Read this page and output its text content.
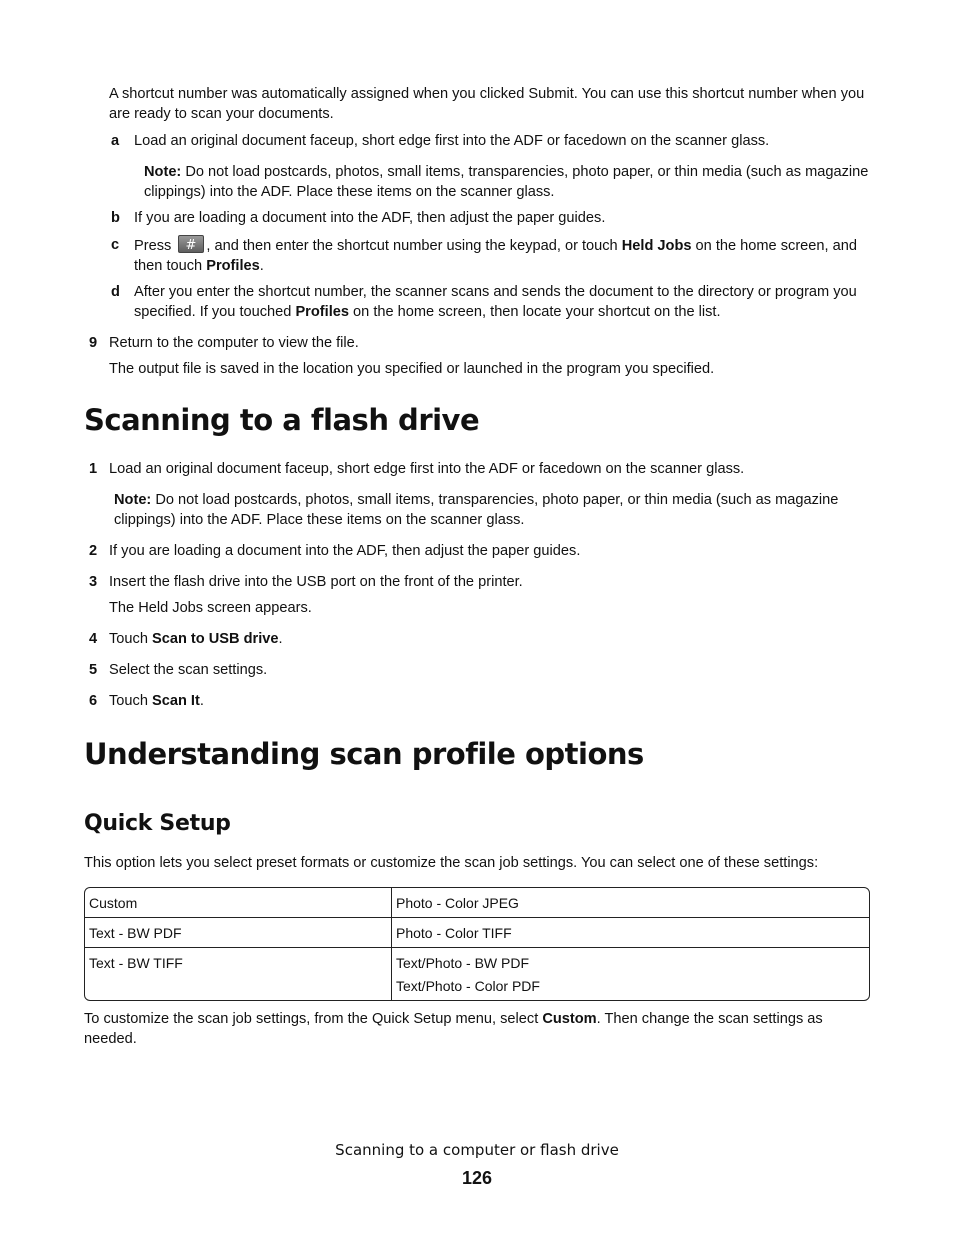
A shortcut number was automatically assigned when you clicked Submit. You can use this shortcut number when you are ready to scan your documents.
a Load an original document faceup, short edge first into the ADF or facedown on the scanner glass.
Note: Do not load postcards, photos, small items, transparencies, photo paper, or thin media (such as magazine clippings) into the ADF. Place these items on the scanner glass.
b If you are loading a document into the ADF, then adjust the paper guides.
c Press # , and then enter the shortcut number using the keypad, or touch Held Jobs on the home screen, and then touch Profiles.
d After you enter the shortcut number, the scanner scans and sends the document to the directory or program you specified. If you touched Profiles on the home screen, then locate your shortcut on the list.
9 Return to the computer to view the file.
The output file is saved in the location you specified or launched in the program you specified.
Scanning to a flash drive
1 Load an original document faceup, short edge first into the ADF or facedown on the scanner glass.
Note: Do not load postcards, photos, small items, transparencies, photo paper, or thin media (such as magazine clippings) into the ADF. Place these items on the scanner glass.
2 If you are loading a document into the ADF, then adjust the paper guides.
3 Insert the flash drive into the USB port on the front of the printer.
The Held Jobs screen appears.
4 Touch Scan to USB drive.
5 Select the scan settings.
6 Touch Scan It.
Understanding scan profile options
Quick Setup
This option lets you select preset formats or customize the scan job settings. You can select one of these settings:
Custom	Photo - Color JPEG
Text - BW PDF	Photo - Color TIFF
Text - BW TIFF	Text/Photo - BW PDF
Text/Photo - Color PDF
To customize the scan job settings, from the Quick Setup menu, select Custom. Then change the scan settings as needed.
Scanning to a computer or flash drive
126
